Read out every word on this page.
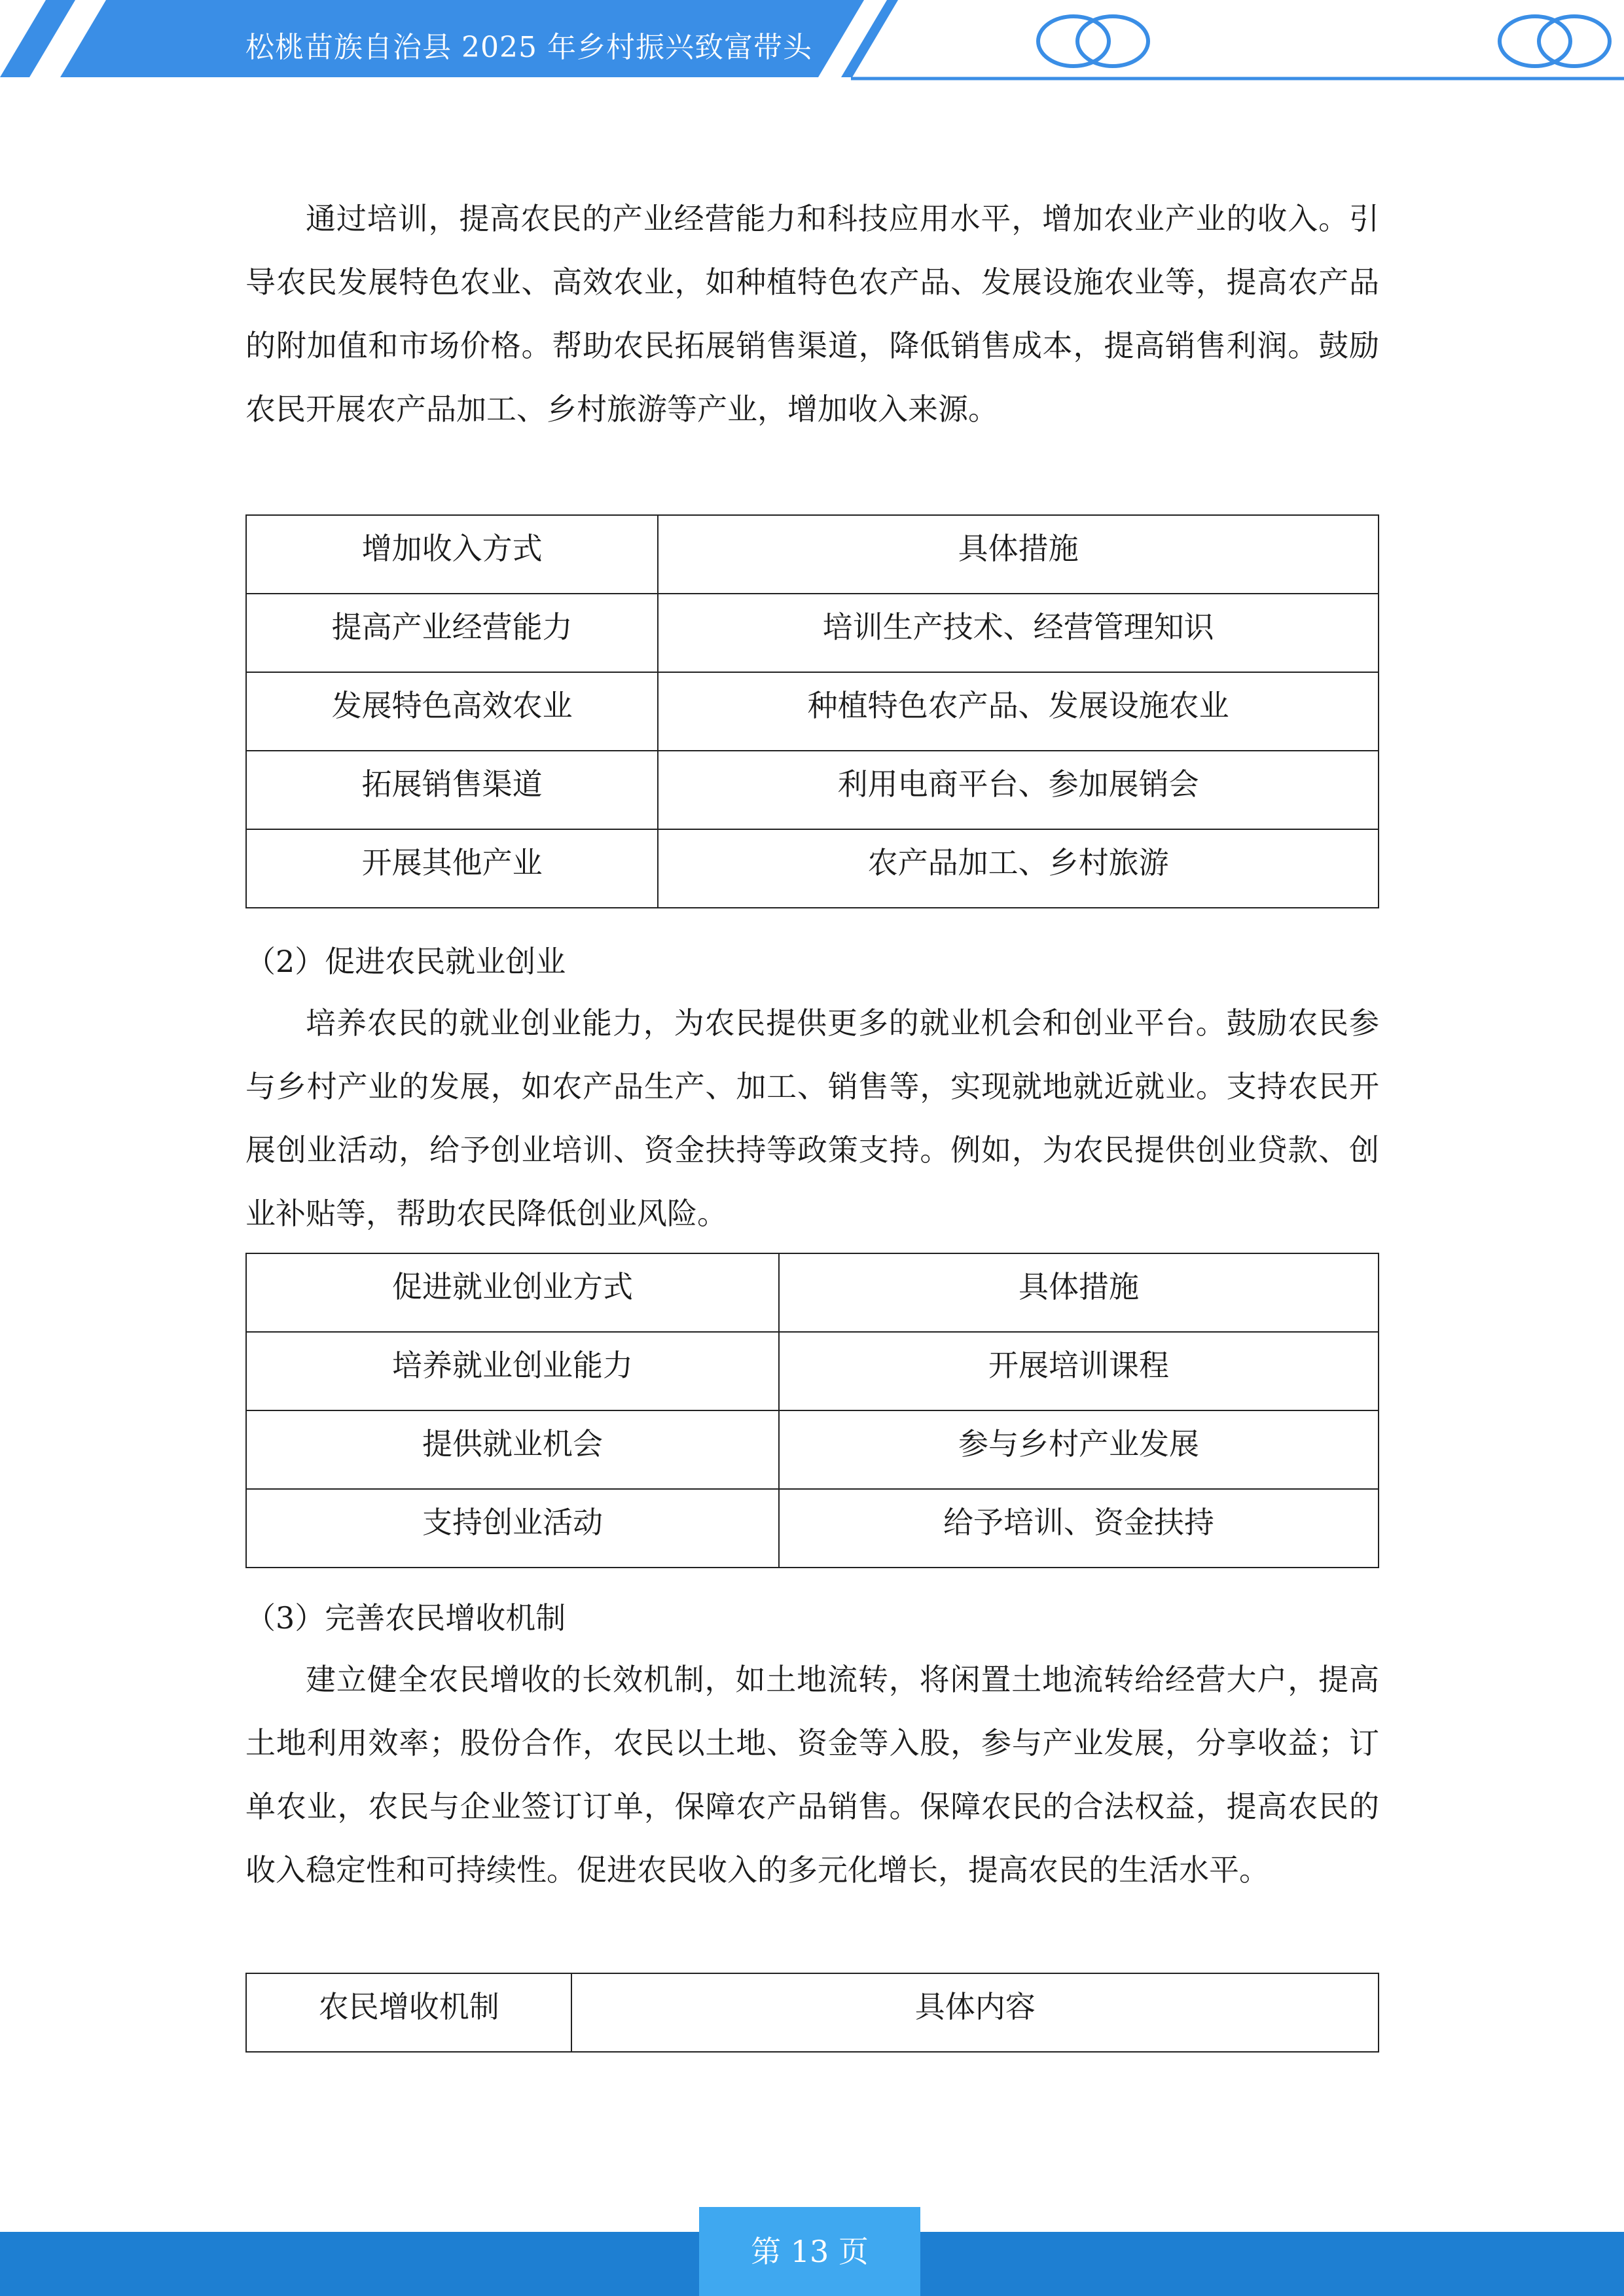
松桃苗族自治县 2025 年乡村振兴致富带头

通过培训，提高农民的产业经营能力和科技应用水平，增加农业产业的收入。引导农民发展特色农业、高效农业，如种植特色农产品、发展设施农业等，提高农产品的附加值和市场价格。帮助农民拓展销售渠道，降低销售成本，提高销售利润。鼓励农民开展农产品加工、乡村旅游等产业，增加收入来源。

增加收入方式	具体措施
提高产业经营能力	培训生产技术、经营管理知识
发展特色高效农业	种植特色农产品、发展设施农业
拓展销售渠道	利用电商平台、参加展销会
开展其他产业	农产品加工、乡村旅游
（2）促进农民就业创业

培养农民的就业创业能力，为农民提供更多的就业机会和创业平台。鼓励农民参与乡村产业的发展，如农产品生产、加工、销售等，实现就地就近就业。支持农民开展创业活动，给予创业培训、资金扶持等政策支持。例如，为农民提供创业贷款、创业补贴等，帮助农民降低创业风险。

促进就业创业方式	具体措施
培养就业创业能力	开展培训课程
提供就业机会	参与乡村产业发展
支持创业活动	给予培训、资金扶持
（3）完善农民增收机制

建立健全农民增收的长效机制，如土地流转，将闲置土地流转给经营大户，提高土地利用效率；股份合作，农民以土地、资金等入股，参与产业发展，分享收益；订单农业，农民与企业签订订单，保障农产品销售。保障农民的合法权益，提高农民的收入稳定性和可持续性。促进农民收入的多元化增长，提高农民的生活水平。

农民增收机制	具体内容
第 13 页
